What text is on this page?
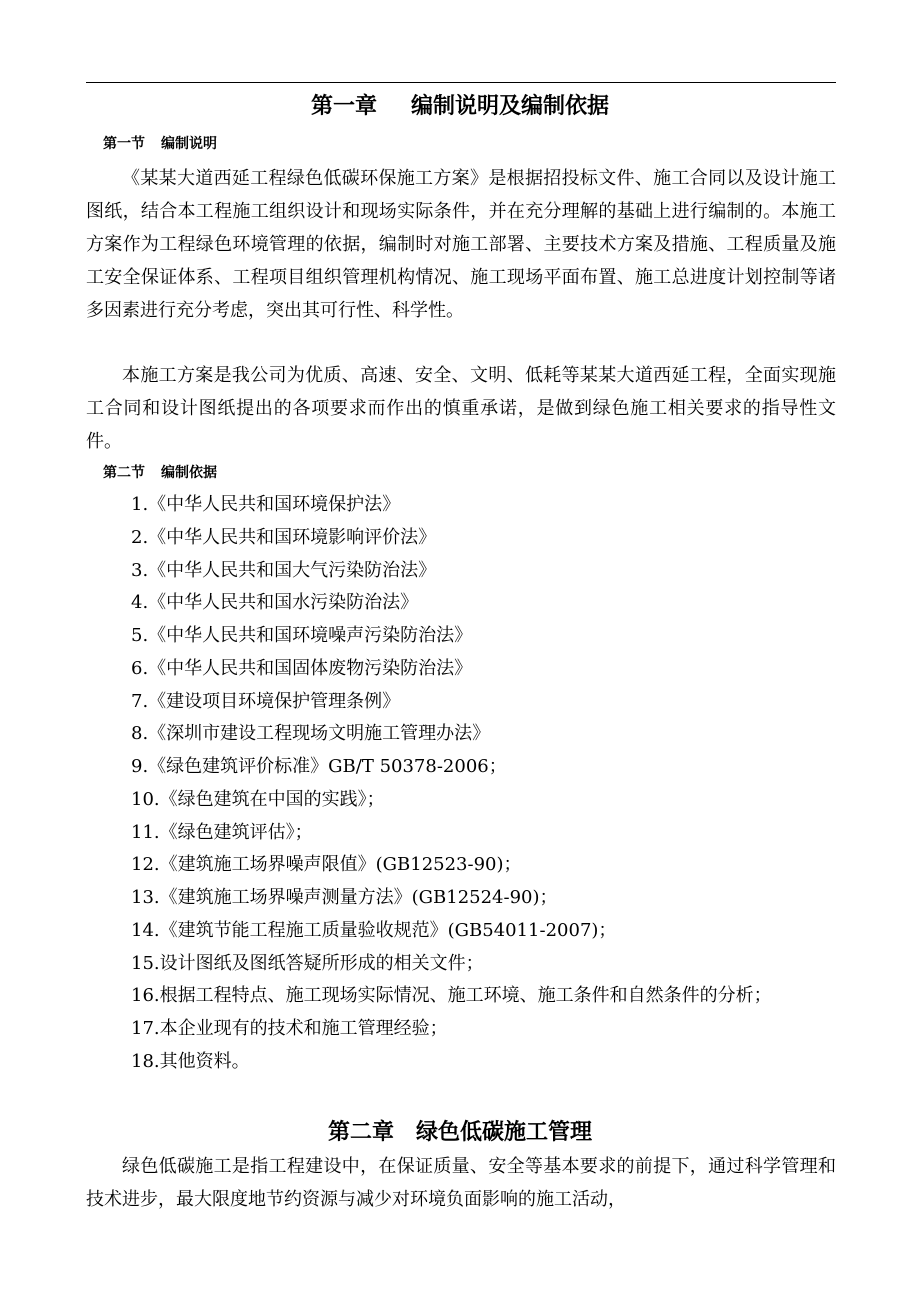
第一章 编制说明及编制依据
第一节 编制说明

《某某大道西延工程绿色低碳环保施工方案》是根据招投标文件、施工合同以及设计施工图纸，结合本工程施工组织设计和现场实际条件，并在充分理解的基础上进行编制的。本施工方案作为工程绿色环境管理的依据，编制时对施工部署、主要技术方案及措施、工程质量及施工安全保证体系、工程项目组织管理机构情况、施工现场平面布置、施工总进度计划控制等诸多因素进行充分考虑，突出其可行性、科学性。

本施工方案是我公司为优质、高速、安全、文明、低耗等某某大道西延工程，全面实现施工合同和设计图纸提出的各项要求而作出的慎重承诺，是做到绿色施工相关要求的指导性文件。

第二节 编制依据
1.《中华人民共和国环境保护法》
2.《中华人民共和国环境影响评价法》
3.《中华人民共和国大气污染防治法》
4.《中华人民共和国水污染防治法》
5.《中华人民共和国环境噪声污染防治法》
6.《中华人民共和国固体废物污染防治法》
7.《建设项目环境保护管理条例》
8.《深圳市建设工程现场文明施工管理办法》
9.《绿色建筑评价标准》GB/T 50378-2006；
10.《绿色建筑在中国的实践》；
11.《绿色建筑评估》；
12.《建筑施工场界噪声限值》(GB12523-90)；
13.《建筑施工场界噪声测量方法》(GB12524-90)；
14.《建筑节能工程施工质量验收规范》(GB54011-2007)；
15.设计图纸及图纸答疑所形成的相关文件；
16.根据工程特点、施工现场实际情况、施工环境、施工条件和自然条件的分析；
17.本企业现有的技术和施工管理经验；
18.其他资料。
第二章 绿色低碳施工管理

绿色低碳施工是指工程建设中，在保证质量、安全等基本要求的前提下，通过科学管理和技术进步，最大限度地节约资源与减少对环境负面影响的施工活动，
